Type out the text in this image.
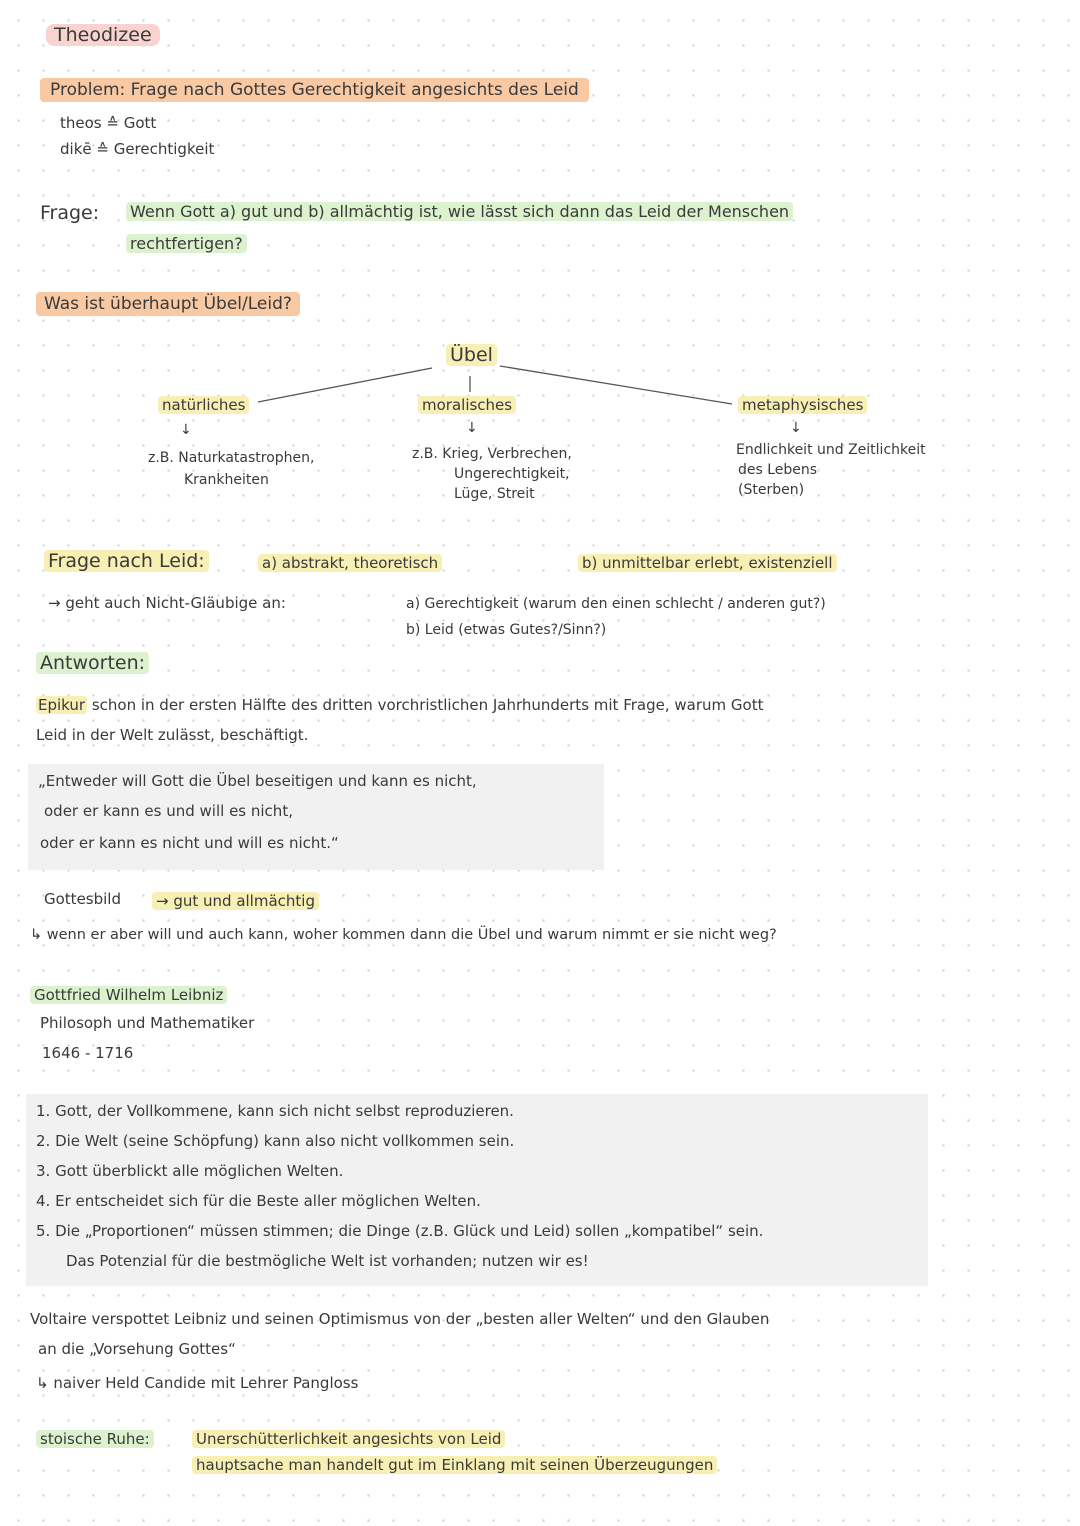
Theodizee
Problem: Frage nach Gottes Gerechtigkeit angesichts des Leid
theos ≙ Gott
dikē ≙ Gerechtigkeit
Frage: Wenn Gott a) gut und b) allmächtig ist, wie lässt sich dann das Leid der Menschen
rechtfertigen?
Was ist überhaupt Übel/Leid?
Übel
natürliches
↓
z.B. Naturkatastrophen,
Krankheiten
moralisches
↓
z.B. Krieg, Verbrechen,
Ungerechtigkeit,
Lüge, Streit
metaphysisches
↓
Endlichkeit und Zeitlichkeit
des Lebens
(Sterben)
Frage nach Leid:	a) abstrakt, theoretisch	b) unmittelbar erlebt, existenziell
→ geht auch Nicht-Gläubige an:	a) Gerechtigkeit (warum den einen schlecht / anderen gut?)
b) Leid (etwas Gutes?/Sinn?)
Antworten:
Epikur schon in der ersten Hälfte des dritten vorchristlichen Jahrhunderts mit Frage, warum Gott
Leid in der Welt zulässt, beschäftigt.
„Entweder will Gott die Übel beseitigen und kann es nicht,
oder er kann es und will es nicht,
oder er kann es nicht und will es nicht.“
Gottesbild → gut und allmächtig
↳ wenn er aber will und auch kann, woher kommen dann die Übel und warum nimmt er sie nicht weg?
Gottfried Wilhelm Leibniz
Philosoph und Mathematiker
1646 - 1716
1. Gott, der Vollkommene, kann sich nicht selbst reproduzieren.
2. Die Welt (seine Schöpfung) kann also nicht vollkommen sein.
3. Gott überblickt alle möglichen Welten.
4. Er entscheidet sich für die Beste aller möglichen Welten.
5. Die „Proportionen“ müssen stimmen; die Dinge (z.B. Glück und Leid) sollen „kompatibel“ sein.
Das Potenzial für die bestmögliche Welt ist vorhanden; nutzen wir es!
Voltaire verspottet Leibniz und seinen Optimismus von der „besten aller Welten“ und den Glauben
an die „Vorsehung Gottes“
↳ naiver Held Candide mit Lehrer Pangloss
stoische Ruhe:	Unerschütterlichkeit angesichts von Leid
hauptsache man handelt gut im Einklang mit seinen Überzeugungen
